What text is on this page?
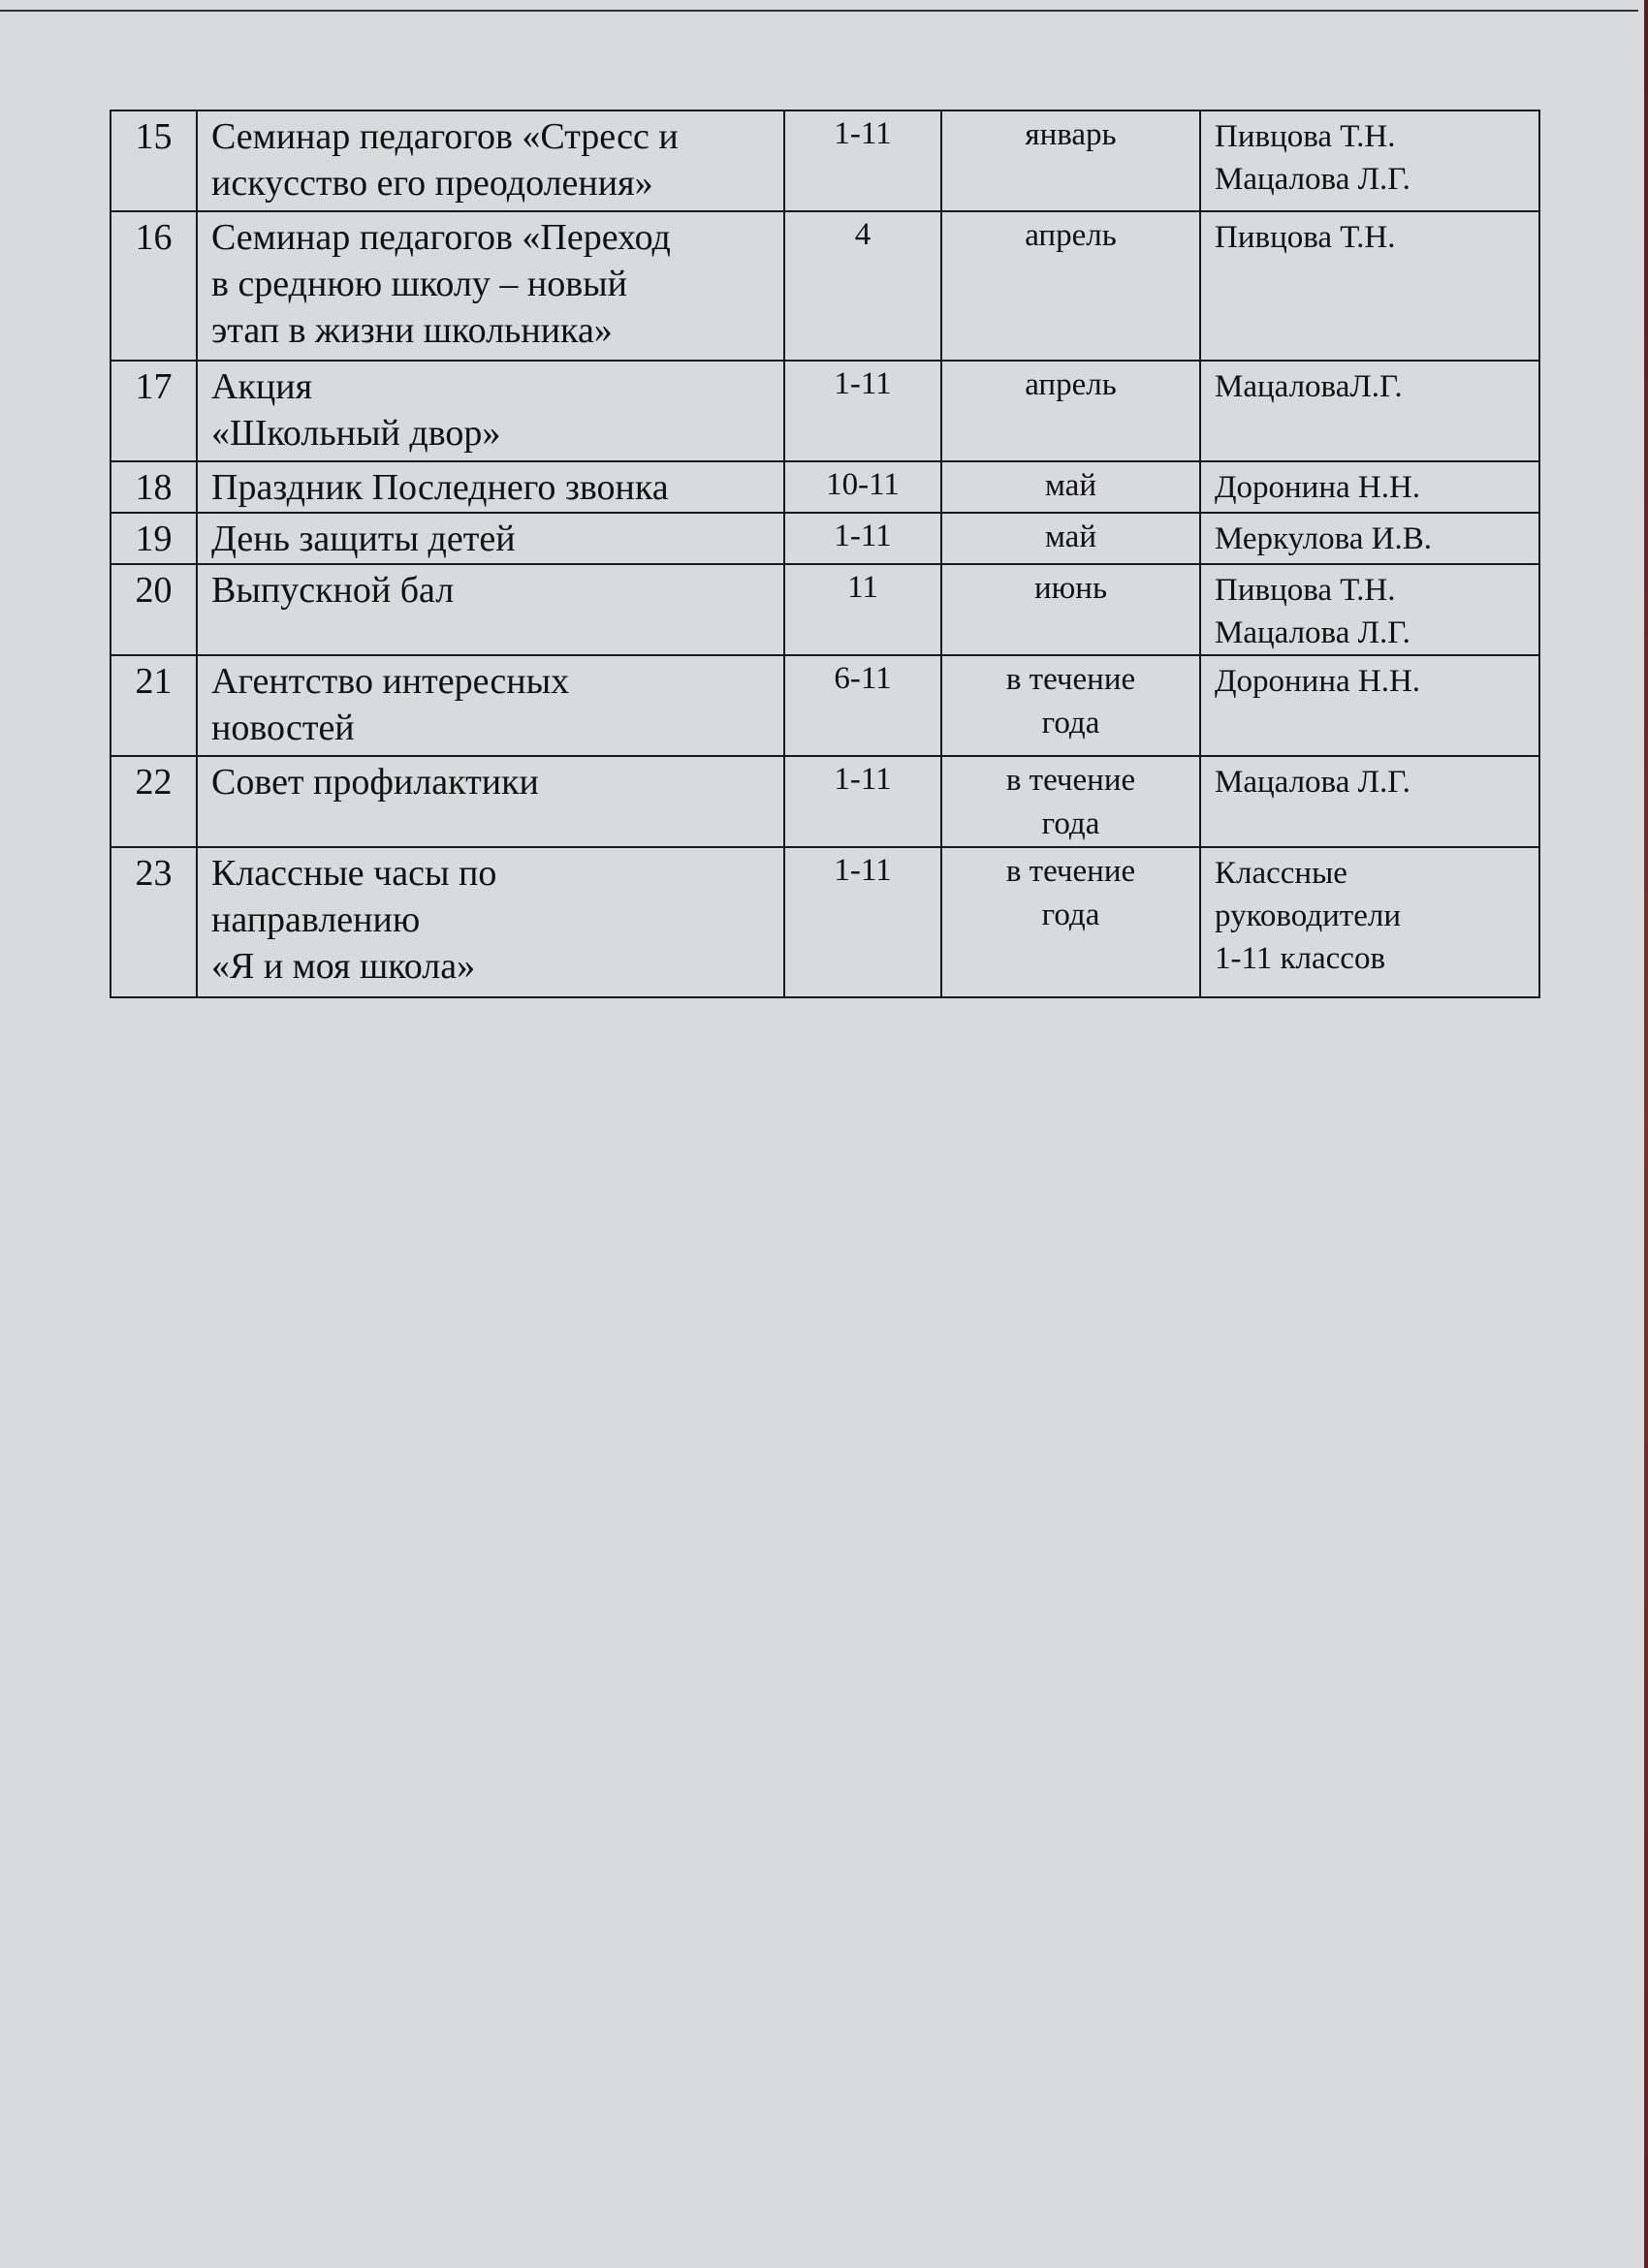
15	Семинар педагогов «Стресс и
искусство его преодоления»	1-11	январь	Пивцова Т.Н.
Мацалова Л.Г.

16	Семинар педагогов «Переход
в среднюю школу – новый
этап в жизни школьника»	4	апрель	Пивцова Т.Н.

17	Акция
«Школьный двор»	1-11	апрель	МацаловаЛ.Г.

18	Праздник Последнего звонка	10-11	май	Доронина Н.Н.

19	День защиты детей	1-11	май	Меркулова И.В.

20	Выпускной бал	11	июнь	Пивцова Т.Н.
Мацалова Л.Г.

21	Агентство интересных
новостей	6-11	в течение
года	Доронина Н.Н.

22	Совет профилактики	1-11	в течение
года	Мацалова Л.Г.

23	Классные часы по
направлению
«Я и моя школа»	1-11	в течение
года	Классные
руководители
1-11 классов
